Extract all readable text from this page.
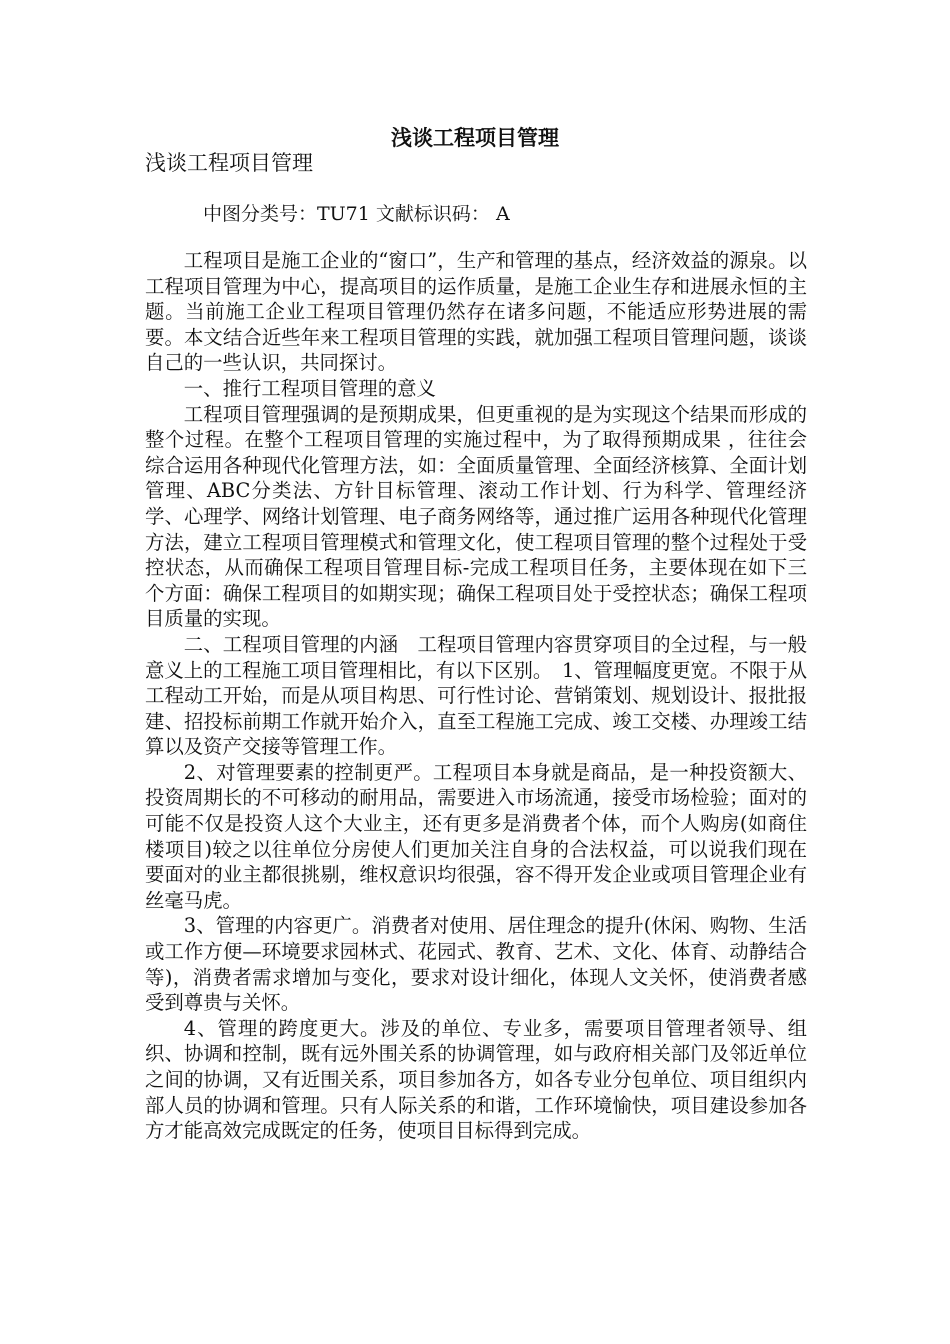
浅谈工程项目管理
浅谈工程项目管理
中图分类号：TU71 文献标识码： A

工程项目是施工企业的“窗口”，生产和管理的基点，经济效益的源泉。以工程项目管理为中心，提高项目的运作质量，是施工企业生存和进展永恒的主题。当前施工企业工程项目管理仍然存在诸多问题，不能适应形势进展的需要。本文结合近些年来工程项目管理的实践，就加强工程项目管理问题，谈谈自己的一些认识，共同探讨。

一、推行工程项目管理的意义

工程项目管理强调的是预期成果，但更重视的是为实现这个结果而形成的整个过程。在整个工程项目管理的实施过程中，为了取得预期成果 ，往往会综合运用各种现代化管理方法，如：全面质量管理、全面经济核算、全面计划管理、ABC分类法、方针目标管理、滚动工作计划、行为科学、管理经济学、心理学、网络计划管理、电子商务网络等，通过推广运用各种现代化管理方法，建立工程项目管理模式和管理文化，使工程项目管理的整个过程处于受控状态，从而确保工程项目管理目标-完成工程项目任务，主要体现在如下三个方面：确保工程项目的如期实现；确保工程项目处于受控状态；确保工程项目质量的实现。

二、工程项目管理的内涵　工程项目管理内容贯穿项目的全过程，与一般意义上的工程施工项目管理相比，有以下区别。　1、管理幅度更宽。不限于从工程动工开始，而是从项目构思、可行性讨论、营销策划、规划设计、报批报建、招投标前期工作就开始介入，直至工程施工完成、竣工交楼、办理竣工结算以及资产交接等管理工作。

2、对管理要素的控制更严。工程项目本身就是商品，是一种投资额大、投资周期长的不可移动的耐用品，需要进入市场流通，接受市场检验；面对的可能不仅是投资人这个大业主，还有更多是消费者个体，而个人购房(如商住楼项目)较之以往单位分房使人们更加关注自身的合法权益，可以说我们现在要面对的业主都很挑剔，维权意识均很强，容不得开发企业或项目管理企业有丝毫马虎。

3、管理的内容更广。消费者对使用、居住理念的提升(休闲、购物、生活或工作方便—环境要求园林式、花园式、教育、艺术、文化、体育、动静结合等)，消费者需求增加与变化，要求对设计细化，体现人文关怀，使消费者感受到尊贵与关怀。

4、管理的跨度更大。涉及的单位、专业多，需要项目管理者领导、组织、协调和控制，既有远外围关系的协调管理，如与政府相关部门及邻近单位之间的协调，又有近围关系，项目参加各方，如各专业分包单位、项目组织内部人员的协调和管理。只有人际关系的和谐，工作环境愉快，项目建设参加各方才能高效完成既定的任务，使项目目标得到完成。
